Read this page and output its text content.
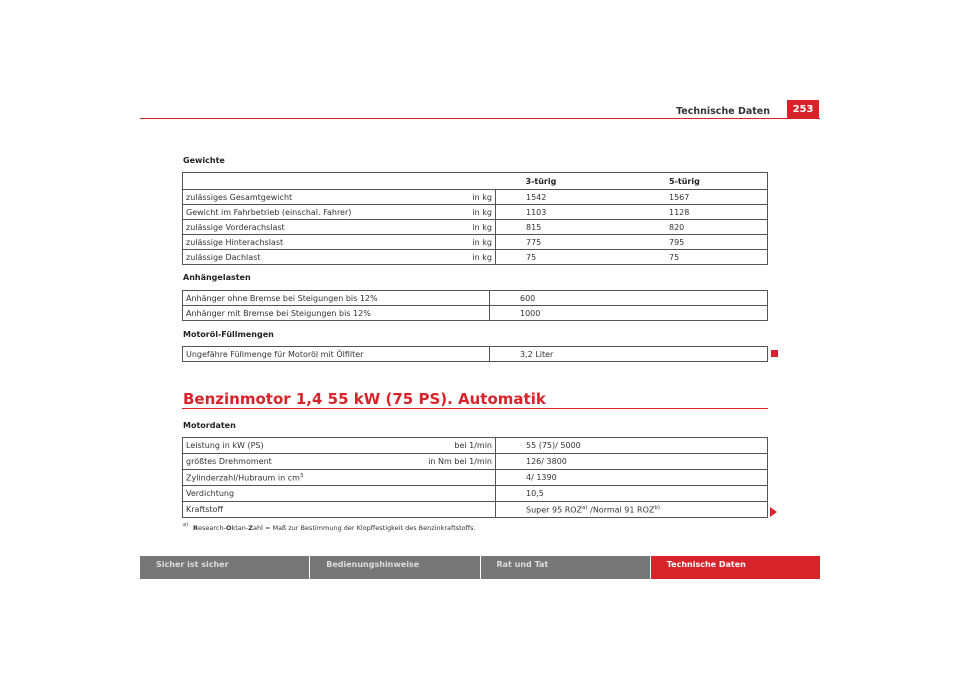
Technische Daten	253
Gewichte
		3-türig	5-türig
zulässiges Gesamtgewicht	in kg	1542	1567
Gewicht im Fahrbetrieb (einschal. Fahrer)	in kg	1103	1128
zulässige Vorderachslast	in kg	815	820
zulässige Hinterachslast	in kg	775	795
zulässige Dachlast	in kg	75	75
Anhängelasten
Anhänger ohne Bremse bei Steigungen bis 12%	600
Anhänger mit Bremse bei Steigungen bis 12%	1000
Motoröl-Füllmengen
Ungefähre Füllmenge für Motoröl mit Ölfilter	3,2 Liter
Benzinmotor 1,4 55 kW (75 PS). Automatik
Motordaten
Leistung in kW (PS)	bei 1/min	55 (75)/ 5000
größtes Drehmoment	in Nm bei 1/min	126/ 3800
Zylinderzahl/Hubraum in $cm^3$		4/ 1390
Verdichtung		10,5
Kraftstoff		Super 95 ROZ$^{a)}$ /Normal 91 ROZ$^{b)}$
a) Research-Oktan-Zahl = Maß zur Bestimmung der Klopffestigkeit des Benzinkraftstoffs.
Sicher ist sicher	Bedienungshinweise	Rat und Tat	Technische Daten
